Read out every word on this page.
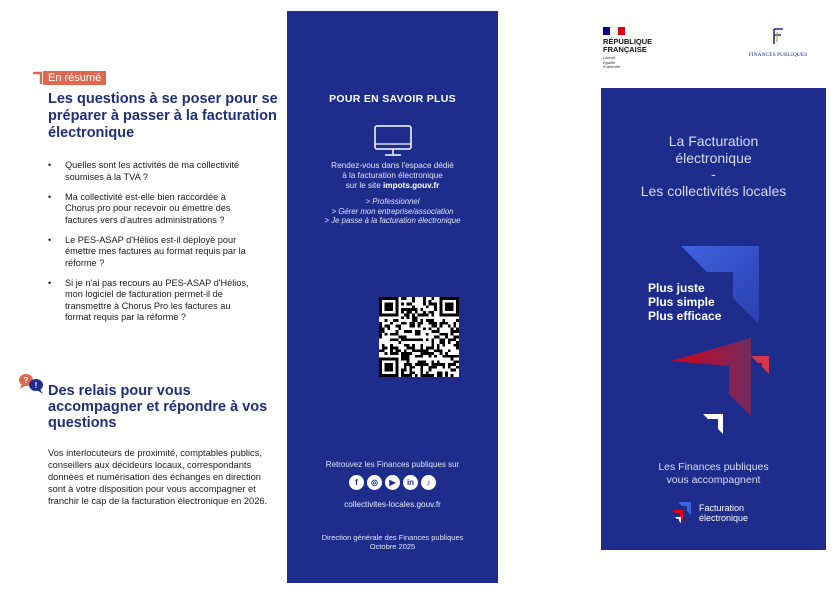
En résumé
Les questions à se poser pour se préparer à passer à la facturation électronique
• Quelles sont les activités de ma collectivité soumises à la TVA ?
• Ma collectivité est-elle bien raccordée à Chorus pro pour recevoir ou émettre des factures vers d'autres administrations ?
• Le PES-ASAP d'Hélios est-il déployé pour émettre mes factures au format requis par la réforme ?
• Si je n'ai pas recours au PES-ASAP d'Hélios, mon logiciel de facturation permet-il de transmettre à Chorus Pro les factures au format requis par la réforme ?
?
! Des relais pour vous accompagner et répondre à vos questions
Vos interlocuteurs de proximité, comptables publics, conseillers aux décideurs locaux, correspondants données et numérisation des échanges en direction sont à votre disposition pour vous accompagner et franchir le cap de la facturation électronique en 2026.
POUR EN SAVOIR PLUS
Rendez-vous dans l'espace dédié
à la facturation électronique
sur le site impots.gouv.fr
> Professionnel
> Gérer mon entreprise/association
> Je passe à la facturation électronique
Retrouvez les Finances publiques sur
f	◎	▶	in	♪
collectivites-locales.gouv.fr
Direction générale des Finances publiques
Octobre 2025
RÉPUBLIQUE
FRANÇAISE
Liberté
Égalité
Fraternité
FINANCES PUBLIQUES
La Facturation
électronique
-
Les collectivités locales
Plus juste
Plus simple
Plus efficace
Les Finances publiques
vous accompagnent
Facturation
électronique
